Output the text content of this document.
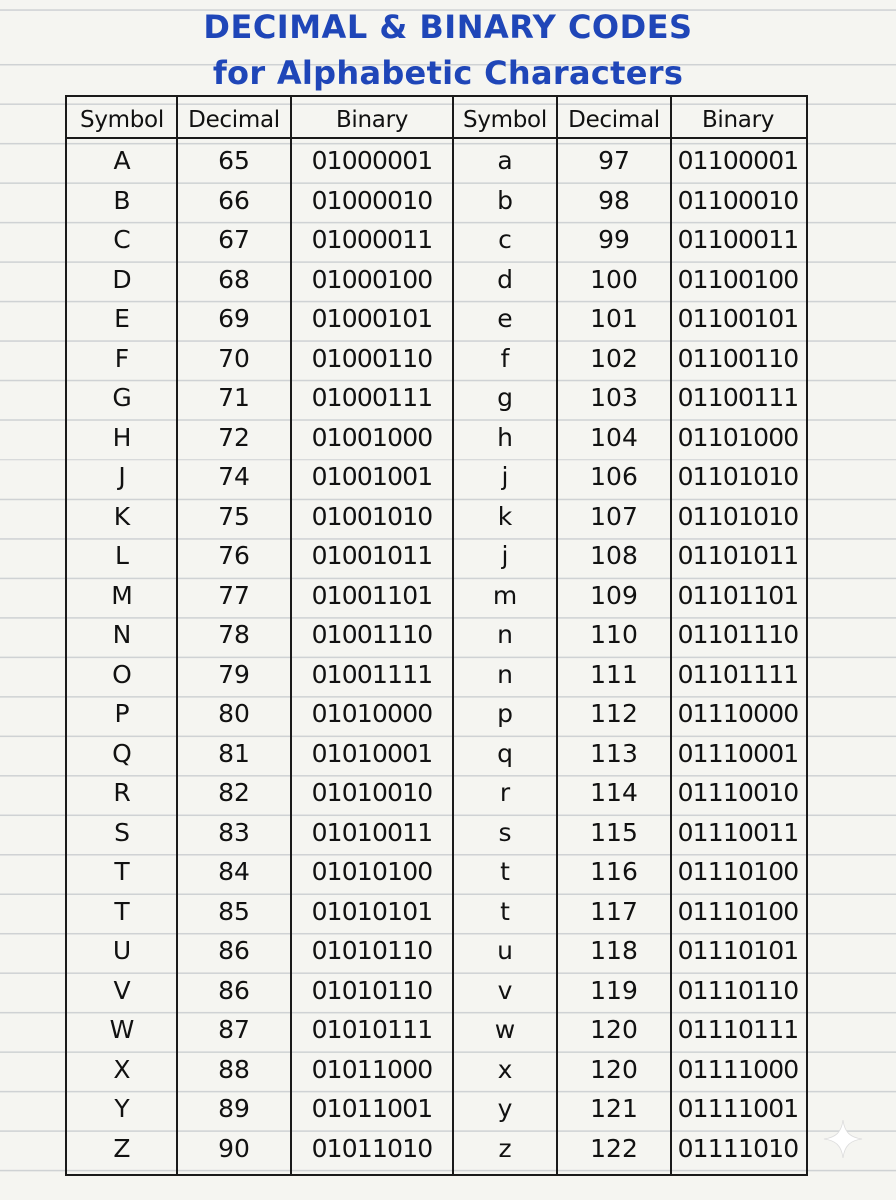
DECIMAL & BINARY CODES
for Alphabetic Characters
Symbol	Decimal	Binary	Symbol	Decimal	Binary
A	65	01000001	a	97	01100001
B	66	01000010	b	98	01100010
C	67	01000011	c	99	01100011
D	68	01000100	d	100	01100100
E	69	01000101	e	101	01100101
F	70	01000110	f	102	01100110
G	71	01000111	g	103	01100111
H	72	01001000	h	104	01101000
J	74	01001001	j	106	01101010
K	75	01001010	k	107	01101010
L	76	01001011	j	108	01101011
M	77	01001101	m	109	01101101
N	78	01001110	n	110	01101110
O	79	01001111	n	111	01101111
P	80	01010000	p	112	01110000
Q	81	01010001	q	113	01110001
R	82	01010010	r	114	01110010
S	83	01010011	s	115	01110011
T	84	01010100	t	116	01110100
T	85	01010101	t	117	01110100
U	86	01010110	u	118	01110101
V	86	01010110	v	119	01110110
W	87	01010111	w	120	01110111
X	88	01011000	x	120	01111000
Y	89	01011001	y	121	01111001
Z	90	01011010	z	122	01111010
